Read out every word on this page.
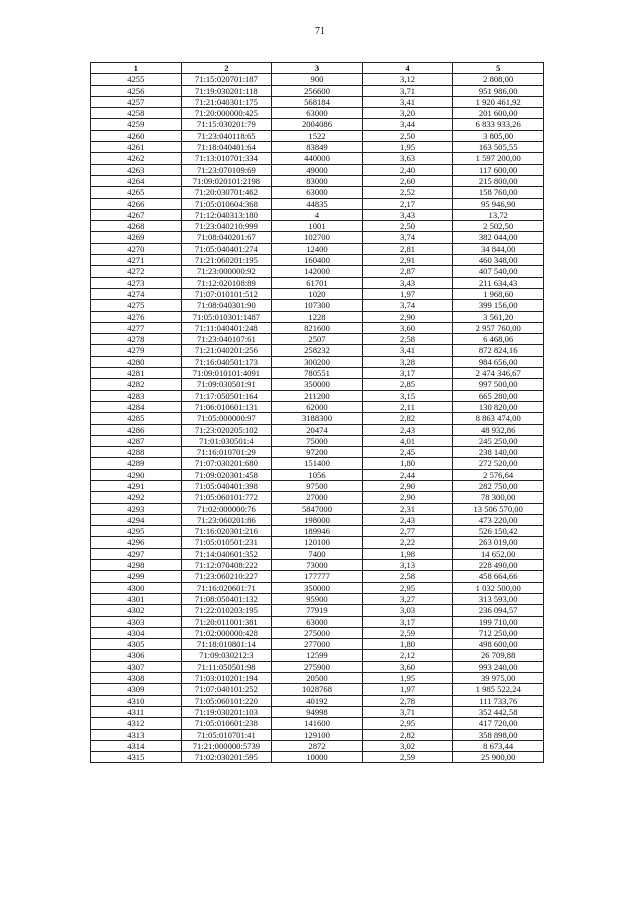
71
1	2	3	4	5
4255	71:15:020701:187	900	3,12	2 808,00
4256	71:19:030201:118	256600	3,71	951 986,00
4257	71:21:040301:175	568184	3,41	1 920 461,92
4258	71:20:000000:425	63000	3,20	201 600,00
4259	71:15:030201:79	2004086	3,44	6 833 933,26
4260	71:23:040118:65	1522	2,50	3 805,00
4261	71:18:040401:64	83849	1,95	163 505,55
4262	71:13:010701:334	440000	3,63	1 597 200,00
4263	71:23:070109:69	49000	2,40	117 600,00
4264	71:09:020101:2198	83000	2,60	215 800,00
4265	71:20:030701:462	63000	2,52	158 760,00
4266	71:05:010604:368	44835	2,17	95 946,90
4267	71:12:040313:180	4	3,43	13,72
4268	71:23:040210:999	1001	2,50	2 502,50
4269	71:08:040201:67	102700	3,74	382 044,00
4270	71:05:040401:274	12400	2,81	34 844,00
4271	71:21:060201:195	160400	2,91	460 348,00
4272	71:23:000000:92	142000	2,87	407 540,00
4273	71:12:020108:89	61701	3,43	211 634,43
4274	71:07:010101:512	1020	1,97	1 968,60
4275	71:08:040301:90	107300	3,74	399 156,00
4276	71:05:010301:1487	1228	2,90	3 561,20
4277	71:11:040401:248	821600	3,60	2 957 760,00
4278	71:23:040107:61	2507	2,58	6 468,06
4279	71:21:040201:256	258232	3,41	872 824,16
4280	71:16:040501:173	300200	3,28	984 656,00
4281	71:09:010101:4091	780551	3,17	2 474 346,67
4282	71:09:030501:91	350000	2,85	997 500,00
4283	71:17:050501:164	211200	3,15	665 280,00
4284	71:06:010601:131	62000	2,11	130 820,00
4285	71:05:000000:97	3188300	2,82	8 863 474,00
4286	71:23:020205:102	20474	2,43	48 932,86
4287	71:01:030501:4	75000	4,01	245 250,00
4288	71:16:010701:29	97200	2,45	238 140,00
4289	71:07:030201:680	151400	1,80	272 520,00
4290	71:09:020301:458	1056	2,44	2 576,64
4291	71:05:040401:398	97500	2,90	282 750,00
4292	71:05:060101:772	27000	2,90	78 300,00
4293	71:02:000000:76	5847000	2,31	13 506 570,00
4294	71:23:060201:86	198000	2,43	473 220,00
4295	71:16:020301:216	189946	2,77	526 150,42
4296	71:05:010501:231	120100	2,22	263 019,00
4297	71:14:040601:352	7400	1,98	14 652,00
4298	71:12:070408:222	73000	3,13	228 490,00
4299	71:23:060210:227	177777	2,58	458 664,66
4300	71:16:020601:71	350000	2,95	1 032 500,00
4301	71:08:050401:132	95900	3,27	313 593,00
4302	71:22:010203:195	77919	3,03	236 094,57
4303	71:20:011001:381	63000	3,17	199 710,00
4304	71:02:000000:428	275000	2,59	712 250,00
4305	71:18:010801:14	277000	1,80	498 600,00
4306	71:09:030212:3	12599	2,12	26 709,88
4307	71:11:050501:98	275900	3,60	993 240,00
4308	71:03:010201:194	20500	1,95	39 975,00
4309	71:07:040101:252	1028768	1,97	1 985 522,24
4310	71:05:060101:220	40192	2,78	111 733,76
4311	71:19:030201:103	94998	3,71	352 442,58
4312	71:05:010601:238	141600	2,95	417 720,00
4313	71:05:010701:41	129100	2,82	358 898,00
4314	71:21:000000:5739	2872	3,02	8 673,44
4315	71:02:030201:595	10000	2,59	25 900,00
